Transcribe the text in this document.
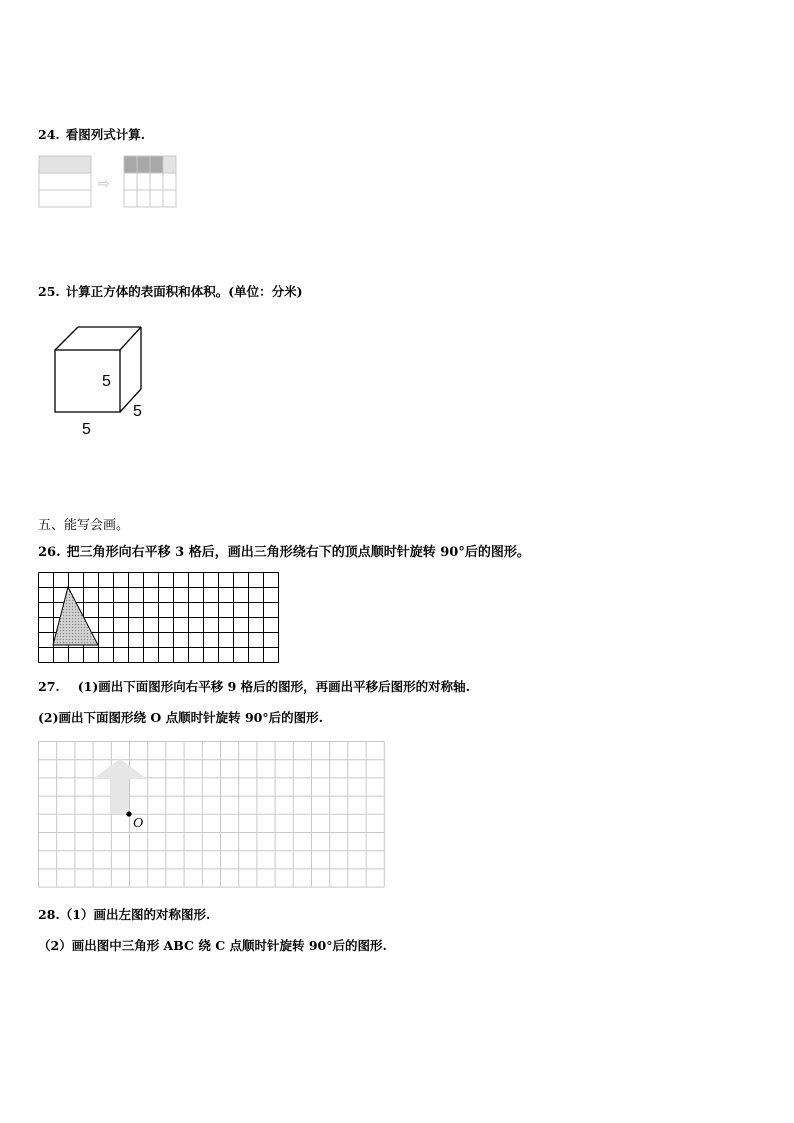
24. 看图列式计算.
⇨
25. 计算正方体的表面积和体积。(单位：分米)
5
5
5
五、能写会画。
26. 把三角形向右平移 3 格后，画出三角形绕右下的顶点顺时针旋转 90°后的图形。
27. (1)画出下面图形向右平移 9 格后的图形，再画出平移后图形的对称轴.
(2)画出下面图形绕 O 点顺时针旋转 90°后的图形.
O
28.（1）画出左图的对称图形.
（2）画出图中三角形 ABC 绕 C 点顺时针旋转 90°后的图形.
